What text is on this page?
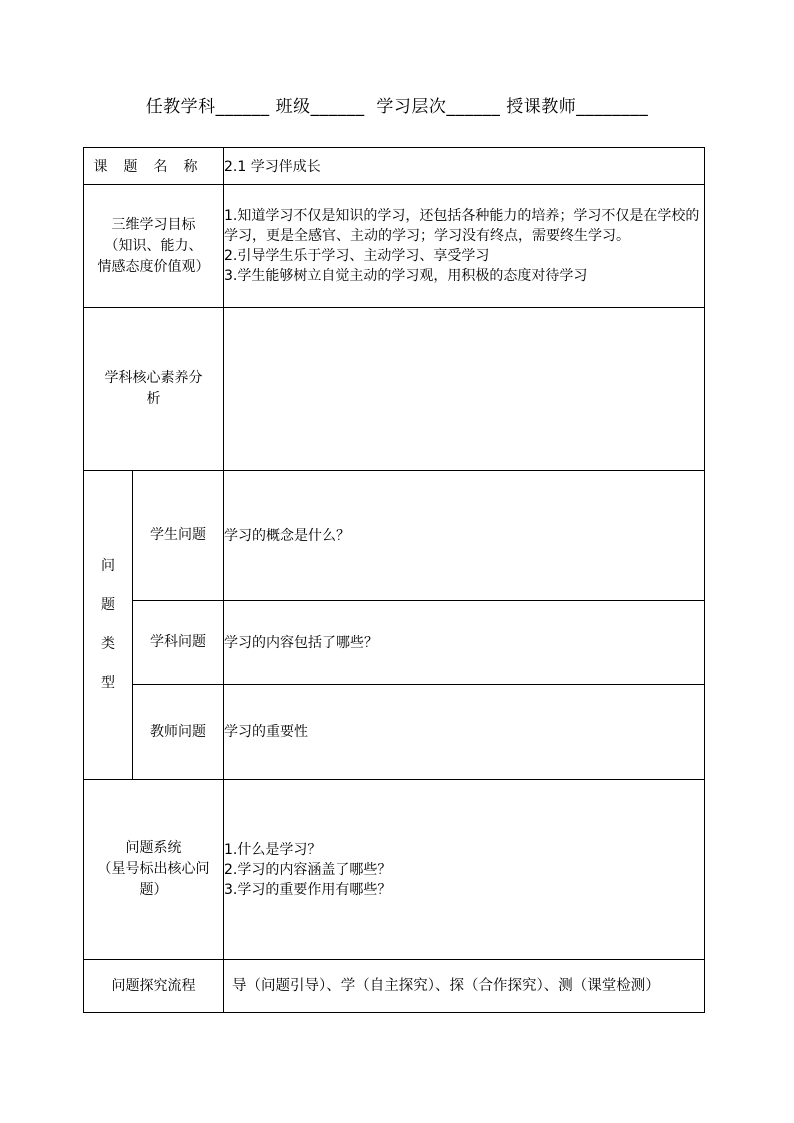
任教学科______ 班级______  学习层次______ 授课教师________
课题名称		2.1 学习伴成长

三维学习目标
（知识、能力、
情感态度价值观）		1.知道学习不仅是知识的学习，还包括各种能力的培养；学习不仅是在学校的学习，更是全感官、主动的学习；学习没有终点，需要终生学习。
2.引导学生乐于学习、主动学习、享受学习
3.学生能够树立自觉主动的学习观，用积极的态度对待学习

学科核心素养分
析		

问
题
类
型	学生问题	学习的概念是什么？
	学科问题	学习的内容包括了哪些？
	教师问题	学习的重要性

问题系统
（星号标出核心问
题）		1.什么是学习？
2.学习的内容涵盖了哪些？
3.学习的重要作用有哪些？

问题探究流程		导（问题引导）、学（自主探究）、探（合作探究）、测（课堂检测）
